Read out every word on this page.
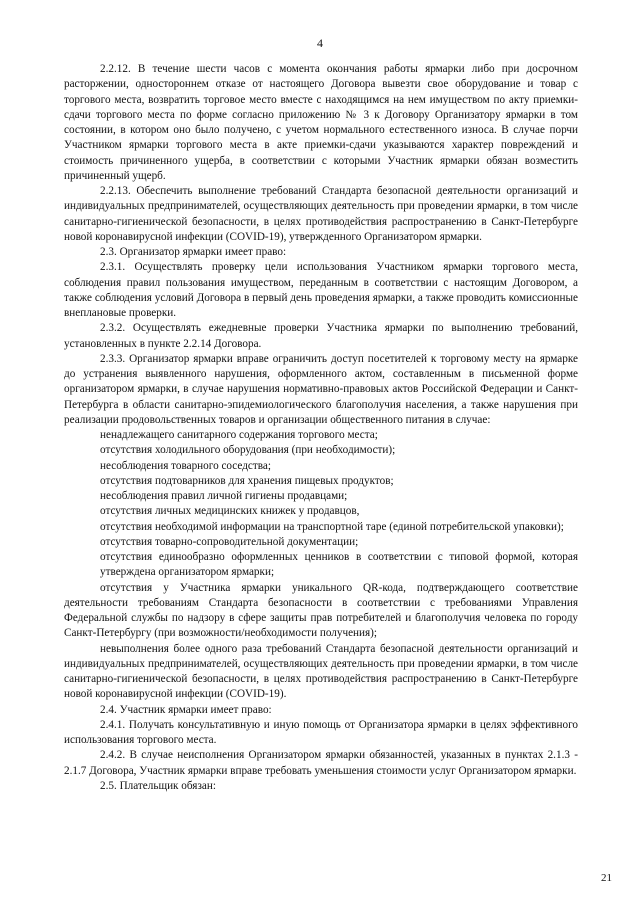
4

2.2.12. В течение шести часов с момента окончания работы ярмарки либо при досрочном расторжении, одностороннем отказе от настоящего Договора вывезти свое оборудование и товар с торгового места, возвратить торговое место вместе с находящимся на нем имуществом по акту приемки-сдачи торгового места по форме согласно приложению № 3 к Договору Организатору ярмарки в том состоянии, в котором оно было получено, с учетом нормального естественного износа. В случае порчи Участником ярмарки торгового места в акте приемки-сдачи указываются характер повреждений и стоимость причиненного ущерба, в соответствии с которыми Участник ярмарки обязан возместить причиненный ущерб.

2.2.13. Обеспечить выполнение требований Стандарта безопасной деятельности организаций и индивидуальных предпринимателей, осуществляющих деятельность при проведении ярмарки, в том числе санитарно-гигиенической безопасности, в целях противодействия распространению в Санкт-Петербурге новой коронавирусной инфекции (COVID-19), утвержденного Организатором ярмарки.

2.3. Организатор ярмарки имеет право:

2.3.1. Осуществлять проверку цели использования Участником ярмарки торгового места, соблюдения правил пользования имуществом, переданным в соответствии с настоящим Договором, а также соблюдения условий Договора в первый день проведения ярмарки, а также проводить комиссионные внеплановые проверки.

2.3.2. Осуществлять ежедневные проверки Участника ярмарки по выполнению требований, установленных в пункте 2.2.14 Договора.

2.3.3. Организатор ярмарки вправе ограничить доступ посетителей к торговому месту на ярмарке до устранения выявленного нарушения, оформленного актом, составленным в письменной форме организатором ярмарки, в случае нарушения нормативно-правовых актов Российской Федерации и Санкт-Петербурга в области санитарно-эпидемиологического благополучия населения, а также нарушения при реализации продовольственных товаров и организации общественного питания в случае:

ненадлежащего санитарного содержания торгового места;

отсутствия холодильного оборудования (при необходимости);

несоблюдения товарного соседства;

отсутствия подтоварников для хранения пищевых продуктов;

несоблюдения правил личной гигиены продавцами;

отсутствия личных медицинских книжек у продавцов,

отсутствия необходимой информации на транспортной таре (единой потребительской упаковки);

отсутствия товарно-сопроводительной документации;

отсутствия единообразно оформленных ценников в соответствии с типовой формой, которая утверждена организатором ярмарки;

отсутствия у Участника ярмарки уникального QR-кода, подтверждающего соответствие деятельности требованиям Стандарта безопасности в соответствии с требованиями Управления Федеральной службы по надзору в сфере защиты прав потребителей и благополучия человека по городу Санкт-Петербургу (при возможности/необходимости получения);

невыполнения более одного раза требований Стандарта безопасной деятельности организаций и индивидуальных предпринимателей, осуществляющих деятельность при проведении ярмарки, в том числе санитарно-гигиенической безопасности, в целях противодействия распространению в Санкт-Петербурге новой коронавирусной инфекции (COVID-19).

2.4. Участник ярмарки имеет право:

2.4.1. Получать консультативную и иную помощь от Организатора ярмарки в целях эффективного использования торгового места.

2.4.2. В случае неисполнения Организатором ярмарки обязанностей, указанных в пунктах 2.1.3 - 2.1.7 Договора, Участник ярмарки вправе требовать уменьшения стоимости услуг Организатором ярмарки.

2.5. Плательщик обязан:

21
